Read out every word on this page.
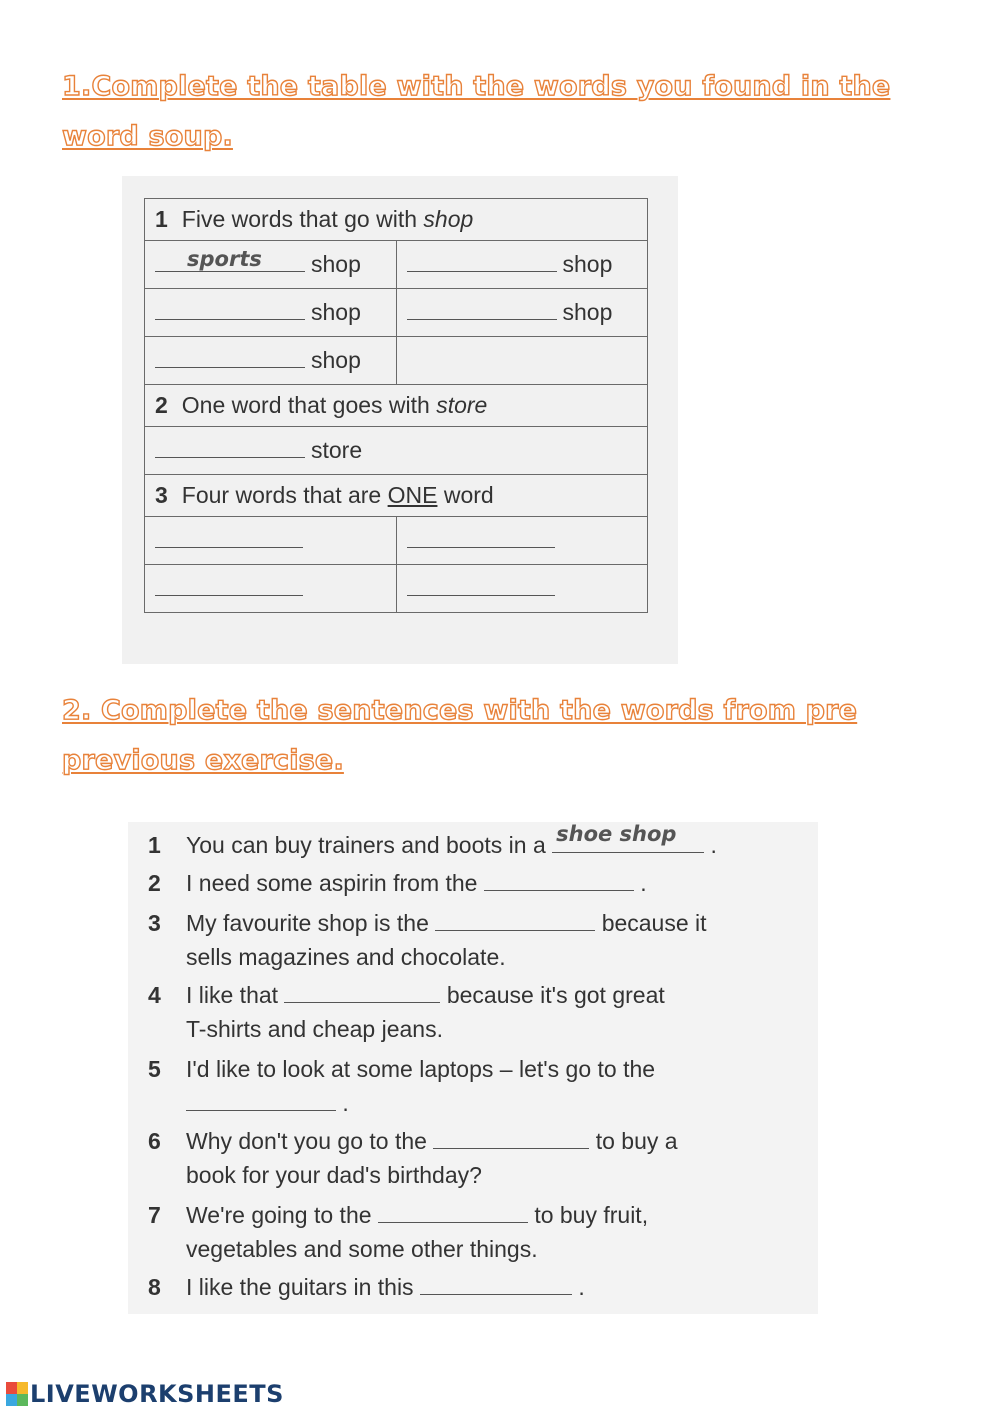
1.Complete the table with the words you found in the word soup.
1 Five words that go with shop	

sports shop	shop
shop	shop
shop	
2 One word that goes with store	
store	
3 Four words that are ONE word	

2. Complete the sentences with the words from pre previous exercise.
1 You can buy trainers and boots in a shoe shop .
2 I need some aspirin from the	.
3 My favourite shop is the	because it
sells magazines and chocolate.
4 I like that	because it's got great
T-shirts and cheap jeans.
5 I'd like to look at some laptops – let's go to the
.
6 Why don't you go to the	to buy a
book for your dad's birthday?
7 We're going to the	to buy fruit,
vegetables and some other things.
8 I like the guitars in this	.
LIVEWORKSHEETS
